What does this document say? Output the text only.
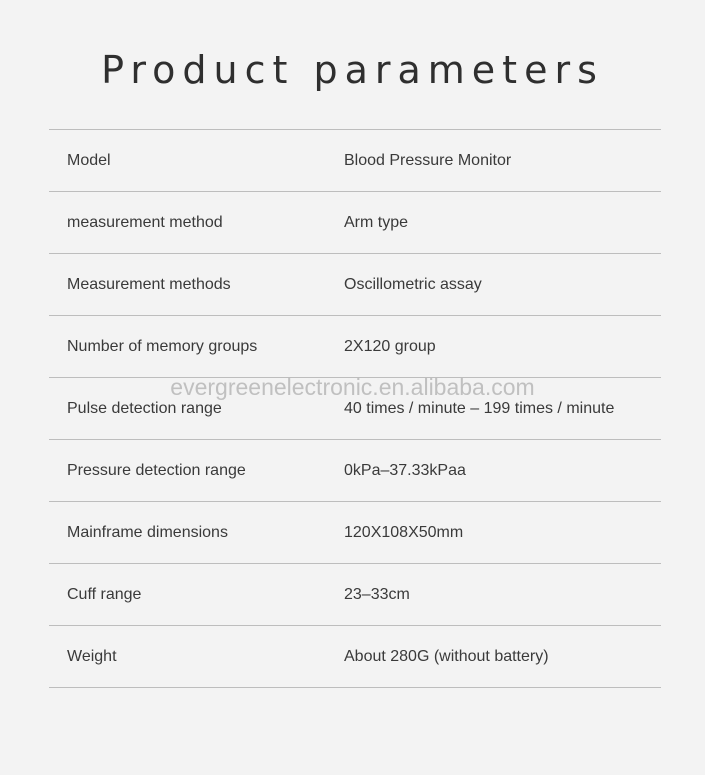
Product parameters
Model	Blood Pressure Monitor
measurement method	Arm type
Measurement methods	Oscillometric assay
Number of memory groups	2X120 group
Pulse detection range	40 times / minute – 199 times / minute
Pressure detection range	0kPa–37.33kPaa
Mainframe dimensions	120X108X50mm
Cuff range	23–33cm
Weight	About 280G (without battery)
evergreenelectronic.en.alibaba.com
